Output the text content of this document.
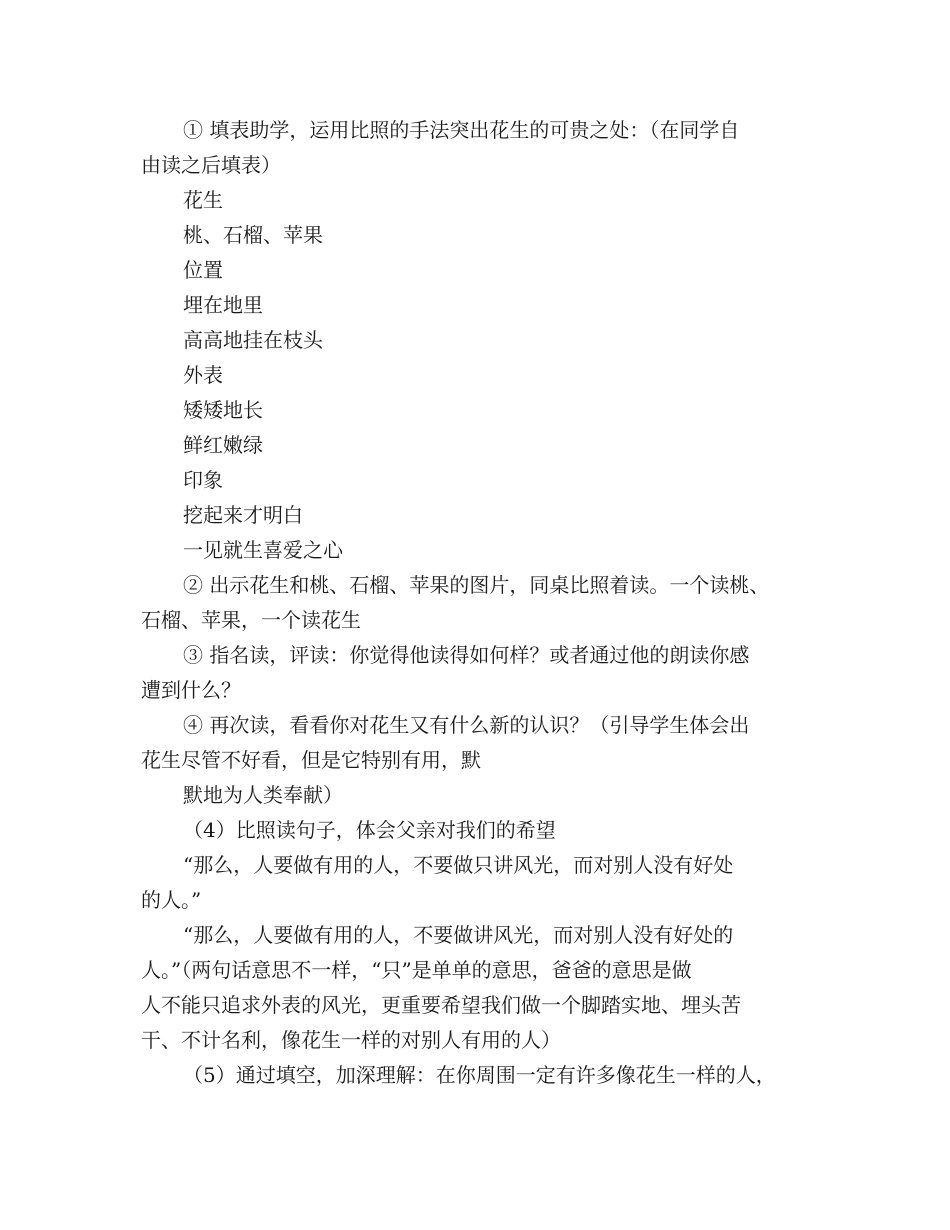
① 填表助学，运用比照的手法突出花生的可贵之处：（在同学自
由读之后填表）
花生
桃、石榴、苹果
位置
埋在地里
高高地挂在枝头
外表
矮矮地长
鲜红嫩绿
印象
挖起来才明白
一见就生喜爱之心
② 出示花生和桃、石榴、苹果的图片，同桌比照着读。一个读桃、
石榴、苹果，一个读花生
③ 指名读，评读：你觉得他读得如何样？或者通过他的朗读你感
遭到什么？
④ 再次读，看看你对花生又有什么新的认识？（引导学生体会出
花生尽管不好看，但是它特别有用，默
默地为人类奉献）
（4）比照读句子，体会父亲对我们的希望
“那么，人要做有用的人，不要做只讲风光，而对别人没有好处
的人。”
“那么，人要做有用的人，不要做讲风光，而对别人没有好处的
人。”（两句话意思不一样，“只”是单单的意思，爸爸的意思是做
人不能只追求外表的风光，更重要希望我们做一个脚踏实地、埋头苦
干、不计名利，像花生一样的对别人有用的人）
（5）通过填空，加深理解：在你周围一定有许多像花生一样的人，
